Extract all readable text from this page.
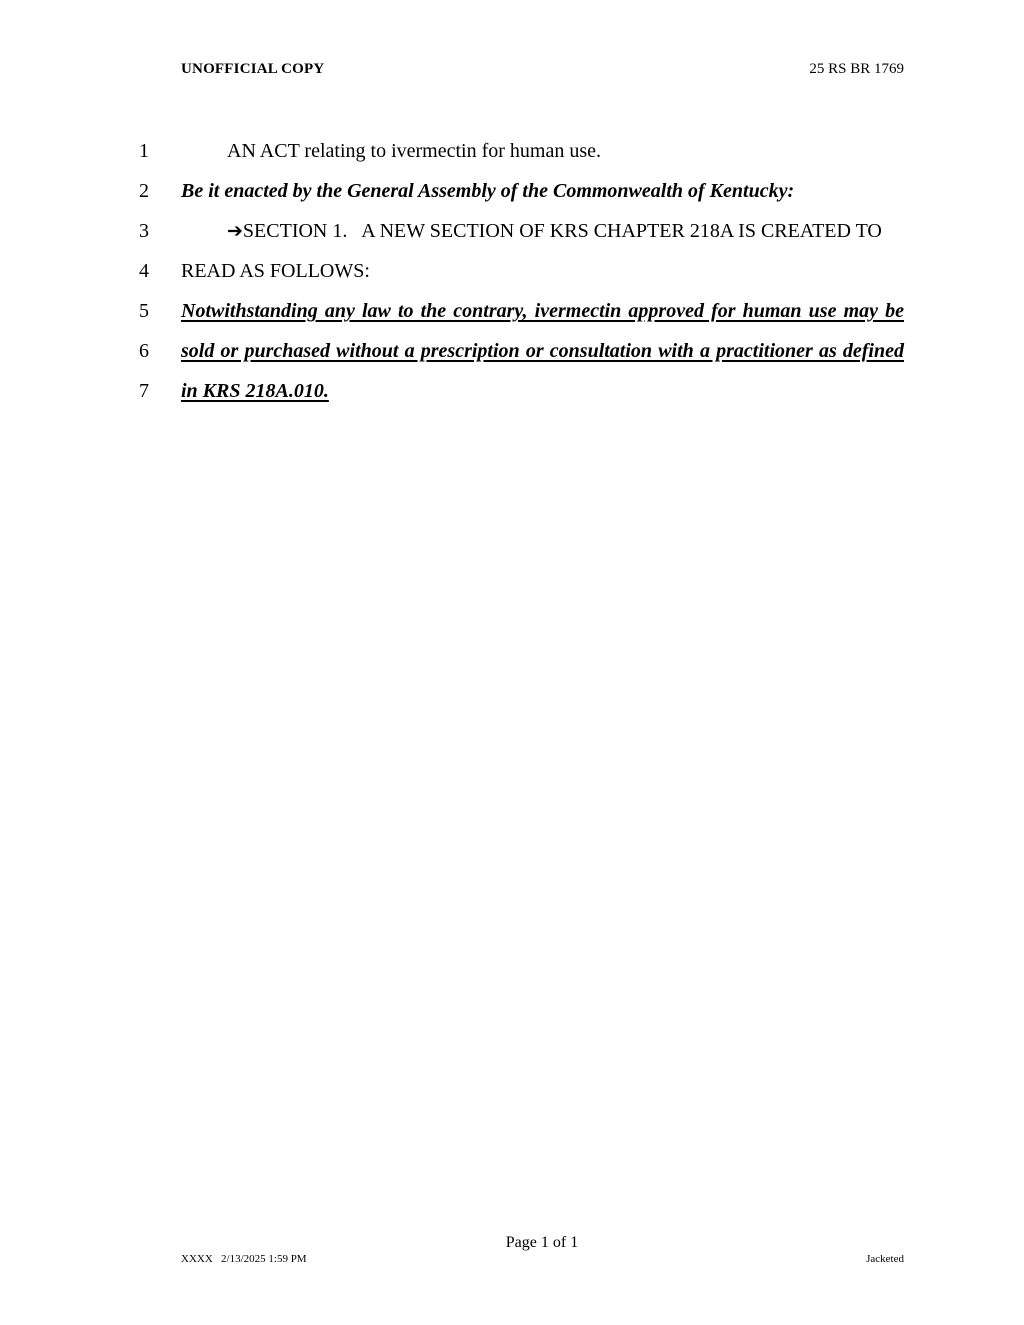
UNOFFICIAL COPY	25 RS BR 1769
1	AN ACT relating to ivermectin for human use.
2	Be it enacted by the General Assembly of the Commonwealth of Kentucky:
3	➔SECTION 1.   A NEW SECTION OF KRS CHAPTER 218A IS CREATED TO
4	READ AS FOLLOWS:
5	Notwithstanding any law to the contrary, ivermectin approved for human use may be
6	sold or purchased without a prescription or consultation with a practitioner as defined
7	in KRS 218A.010.
Page 1 of 1
XXXX   2/13/2025 1:59 PM	Jacketed
